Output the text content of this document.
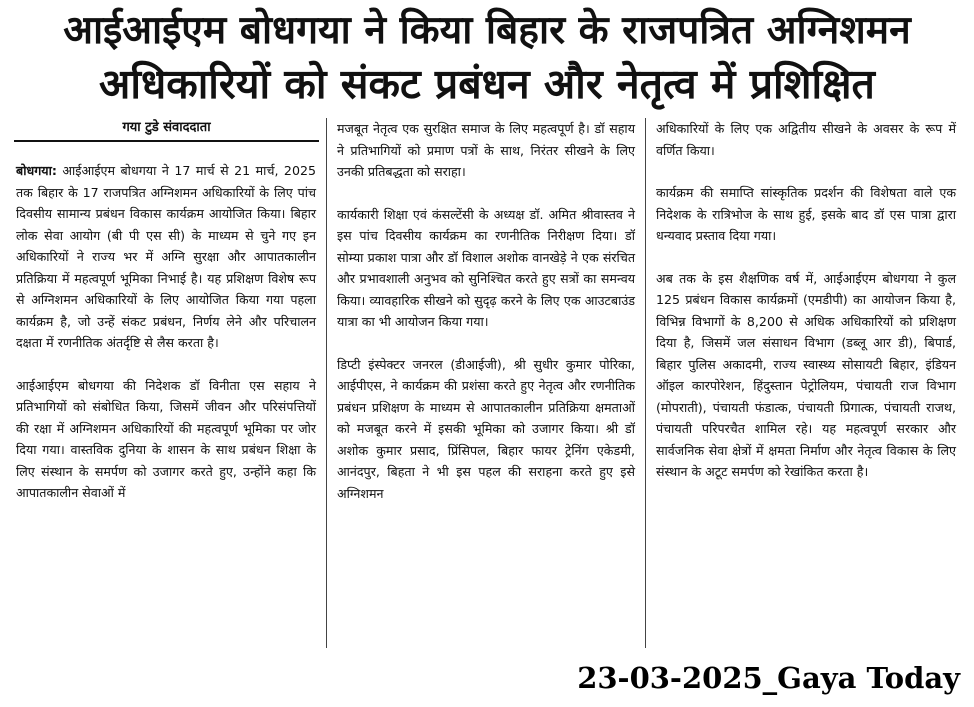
आईआईएम बोधगया ने किया बिहार के राजपत्रित अग्निशमन
अधिकारियों को संकट प्रबंधन और नेतृत्व में प्रशिक्षित
गया टुडे संवाददाता

बोधगया: आईआईएम बोधगया ने 17 मार्च से 21 मार्च, 2025 तक बिहार के 17 राजपत्रित अग्निशमन अधिकारियों के लिए पांच दिवसीय सामान्य प्रबंधन विकास कार्यक्रम आयोजित किया। बिहार लोक सेवा आयोग (बी पी एस सी) के माध्यम से चुने गए इन अधिकारियों ने राज्य भर में अग्नि सुरक्षा और आपातकालीन प्रतिक्रिया में महत्वपूर्ण भूमिका निभाई है। यह प्रशिक्षण विशेष रूप से अग्निशमन अधिकारियों के लिए आयोजित किया गया पहला कार्यक्रम है, जो उन्हें संकट प्रबंधन, निर्णय लेने और परिचालन दक्षता में रणनीतिक अंतर्दृष्टि से लैस करता है।

आईआईएम बोधगया की निदेशक डॉ विनीता एस सहाय ने प्रतिभागियों को संबोधित किया, जिसमें जीवन और परिसंपत्तियों की रक्षा में अग्निशमन अधिकारियों की महत्वपूर्ण भूमिका पर जोर दिया गया। वास्तविक दुनिया के शासन के साथ प्रबंधन शिक्षा के लिए संस्थान के समर्पण को उजागर करते हुए, उन्होंने कहा कि आपातकालीन सेवाओं में

मजबूत नेतृत्व एक सुरक्षित समाज के लिए महत्वपूर्ण है। डॉ सहाय ने प्रतिभागियों को प्रमाण पत्रों के साथ, निरंतर सीखने के लिए उनकी प्रतिबद्धता को सराहा।

कार्यकारी शिक्षा एवं कंसल्टेंसी के अध्यक्ष डॉ. अमित श्रीवास्तव ने इस पांच दिवसीय कार्यक्रम का रणनीतिक निरीक्षण दिया। डॉ सोम्या प्रकाश पात्रा और डॉ विशाल अशोक वानखेड़े ने एक संरचित और प्रभावशाली अनुभव को सुनिश्चित करते हुए सत्रों का समन्वय किया। व्यावहारिक सीखने को सुदृढ़ करने के लिए एक आउटबाउंड यात्रा का भी आयोजन किया गया।

डिप्टी इंस्पेक्टर जनरल (डीआईजी), श्री सुधीर कुमार पोरिका, आईपीएस, ने कार्यक्रम की प्रशंसा करते हुए नेतृत्व और रणनीतिक प्रबंधन प्रशिक्षण के माध्यम से आपातकालीन प्रतिक्रिया क्षमताओं को मजबूत करने में इसकी भूमिका को उजागर किया। श्री डॉ अशोक कुमार प्रसाद, प्रिंसिपल, बिहार फायर ट्रेनिंग एकेडमी, आनंदपुर, बिहता ने भी इस पहल की सराहना करते हुए इसे अग्निशमन

अधिकारियों के लिए एक अद्वितीय सीखने के अवसर के रूप में वर्णित किया।

कार्यक्रम की समाप्ति सांस्कृतिक प्रदर्शन की विशेषता वाले एक निदेशक के रात्रिभोज के साथ हुई, इसके बाद डॉ एस पात्रा द्वारा धन्यवाद प्रस्ताव दिया गया।

अब तक के इस शैक्षणिक वर्ष में, आईआईएम बोधगया ने कुल 125 प्रबंधन विकास कार्यक्रमों (एमडीपी) का आयोजन किया है, विभिन्न विभागों के 8,200 से अधिक अधिकारियों को प्रशिक्षण दिया है, जिसमें जल संसाधन विभाग (डब्लू आर डी), बिपार्ड, बिहार पुलिस अकादमी, राज्य स्वास्थ्य सोसायटी बिहार, इंडियन ऑइल कारपोरेशन, हिंदुस्तान पेट्रोलियम, पंचायती राज विभाग (मोपराती), पंचायती फंडात्क, पंचायती प्रिगात्क, पंचायती राजथ, पंचायती परिपरचैत शामिल रहे। यह महत्वपूर्ण सरकार और सार्वजनिक सेवा क्षेत्रों में क्षमता निर्माण और नेतृत्व विकास के लिए संस्थान के अटूट समर्पण को रेखांकित करता है।

23-03-2025_Gaya Today
